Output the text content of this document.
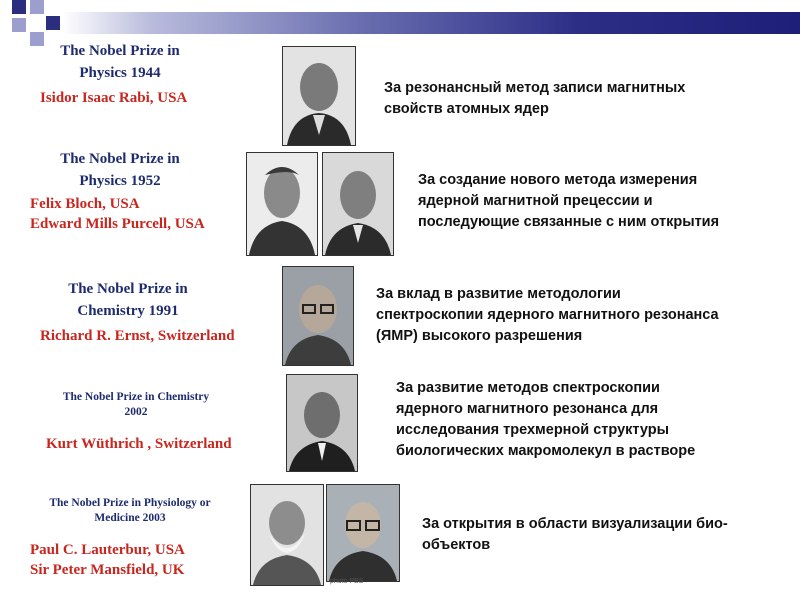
The Nobel Prize in
Physics 1944
Isidor Isaac Rabi, USA
За резонансный метод записи магнитных
свойств атомных ядер
The Nobel Prize in
Physics 1952
Felix Bloch, USA
Edward Mills Purcell, USA
За создание нового метода измерения
ядерной магнитной прецессии и
последующие связанные с ним открытия
The Nobel Prize in
Chemistry 1991
Richard R. Ernst, Switzerland
За вклад в развитие методологии
спектроскопии ядерного магнитного резонанса
(ЯМР) высокого разрешения
The Nobel Prize in Chemistry
2002
Kurt Wüthrich , Switzerland
За развитие методов спектроскопии
ядерного магнитного резонанса для
исследования трехмерной структуры
биологических макромолекул в растворе
The Nobel Prize in Physiology or
Medicine 2003
Paul C. Lauterbur, USA
Sir Peter Mansfield, UK
photo PBS
За открытия в области визуализации био-
объектов
